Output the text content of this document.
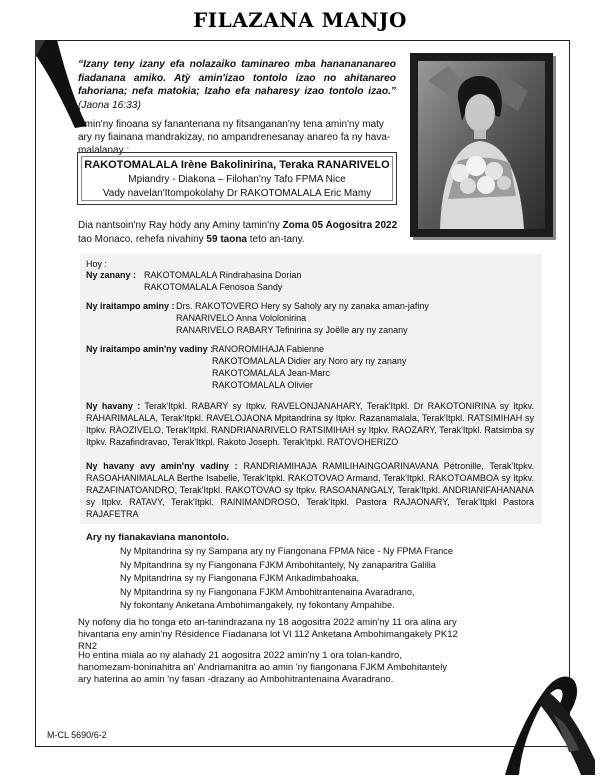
FILAZANA MANJO
“Izany teny izany efa nolazaiko taminareo mba hananananareo fiadanana amiko. Atỳ amin'izao tontolo izao no ahitanareo fahoriana; nefa matokia; Izaho efa naharesy izao tontolo izao.” (Jaona 16:33)
Amin'ny finoana sy fanantenana ny fitsanganan'ny tena amin'ny maty ary ny fiainana mandrakizay, no ampandrenesanay anareo fa ny hava-malalanay :
RAKOTOMALALA Irène Bakolinirina, Teraka RANARIVELO
Mpiandry - Diakona – Filohan'ny Tafo FPMA Nice
Vady navelan'Itompokolahy Dr RAKOTOMALALA Eric Mamy
Dia nantsoin'ny Ray hody any Aminy tamin'ny Zoma 05 Aogositra 2022 tao Monaco, rehefa nivahiny 59 taona teto an-tany.
Hoy :
Ny zanany : RAKOTOMALALA Rindrahasina Dorian
RAKOTOMALALA Fenosoa Sandy
Ny iraitampo aminy : Drs. RAKOTOVERO Hery sy Saholy ary ny zanaka aman-jafiny
RANARIVELO Anna Vololonirina
RANARIVELO RABARY Tefinirina sy Joëlle ary ny zanany
Ny iraitampo amin'ny vadiny :
RANOROMIHAJA Fabienne
RAKOTOMALALA Didier ary Noro ary ny zanany
RAKOTOMALALA Jean-Marc
RAKOTOMALALA Olivier
Ny havany : Terak'Itpkl. RABARY sy Itpkv. RAVELONJANAHARY, Terak'Itpkl. Dr RAKOTONIRINA sy Itpkv. RAHARIMALALA, Terak'Itpkl. RAVELOJAONA Mpitandrina sy Itpkv. Razanamalala, Terak'Itpkl. RATSIMIHAH sy Itpkv. RAOZIVELO, Terak'Itpkl. RANDRIANARIVELO RATSIMIHAH sy Itpkv. RAOZARY, Terak'Itpkl. Ratsimba sy Itpkv. Razafindravao, Terak'Itkpl. Rakoto Joseph. Terak'itpkl. RATOVOHERIZO
Ny havany avy amin'ny vadiny : RANDRIAMIHAJA RAMILIHAINGOARINAVANA Pétronille, Terak'Itpkv. RASOAHANIMALALA Berthe Isabelle, Terak'Itpkl. RAKOTOVAO Armand, Terak'Itpkl. RAKOTOAMBOA sy Itpkv. RAZAFINATOANDRO, Terak'Itpkl. RAKOTOVAO sy Itpkv. RASOANANGALY, Terak'Itpkl. ANDRIANIFAHANANA sy Itpkv. RATAVY, Terak'Itpkl. RAINIMANDROSO, Terak'Itpkl. Pastora RAJAONARY, Terak'Itpkl Pastora RAJAFETRA
Ary ny fianakaviana manontolo.
Ny Mpitandrina sy ny Sampana ary ny Fiangonana FPMA Nice - Ny FPMA France
Ny Mpitandrina sy ny Fiangonana FJKM Ambohitantely, Ny zanaparitra Galilia
Ny Mpitandrina sy ny Fiangonana FJKM Ankadimbahoaka,
Ny Mpitandrina sy ny Fiangonana FJKM Ambohitrantenaina Avaradrano,
Ny fokontany Anketana Ambohimangakely, ny fokontany Ampahibe.
Ny nofony dia ho tonga eto an-tanindrazana ny 18 aogositra 2022 amin'ny 11 ora alina ary hivantana eny amin'ny Résidence Fiadanana lot VI 112 Anketana Ambohimangakely PK12 RN2
Ho entina miala ao ny alahady 21 aogositra 2022 amin'ny 1 ora tolan-kandro, hanomezam-boninahitra an' Andriamanitra ao amin 'ny fiangonana FJKM Ambohitantely ary haterina ao amin 'ny fasan -drazany ao Ambohitrantenaina Avaradrano.
M-CL 5690/6-2
